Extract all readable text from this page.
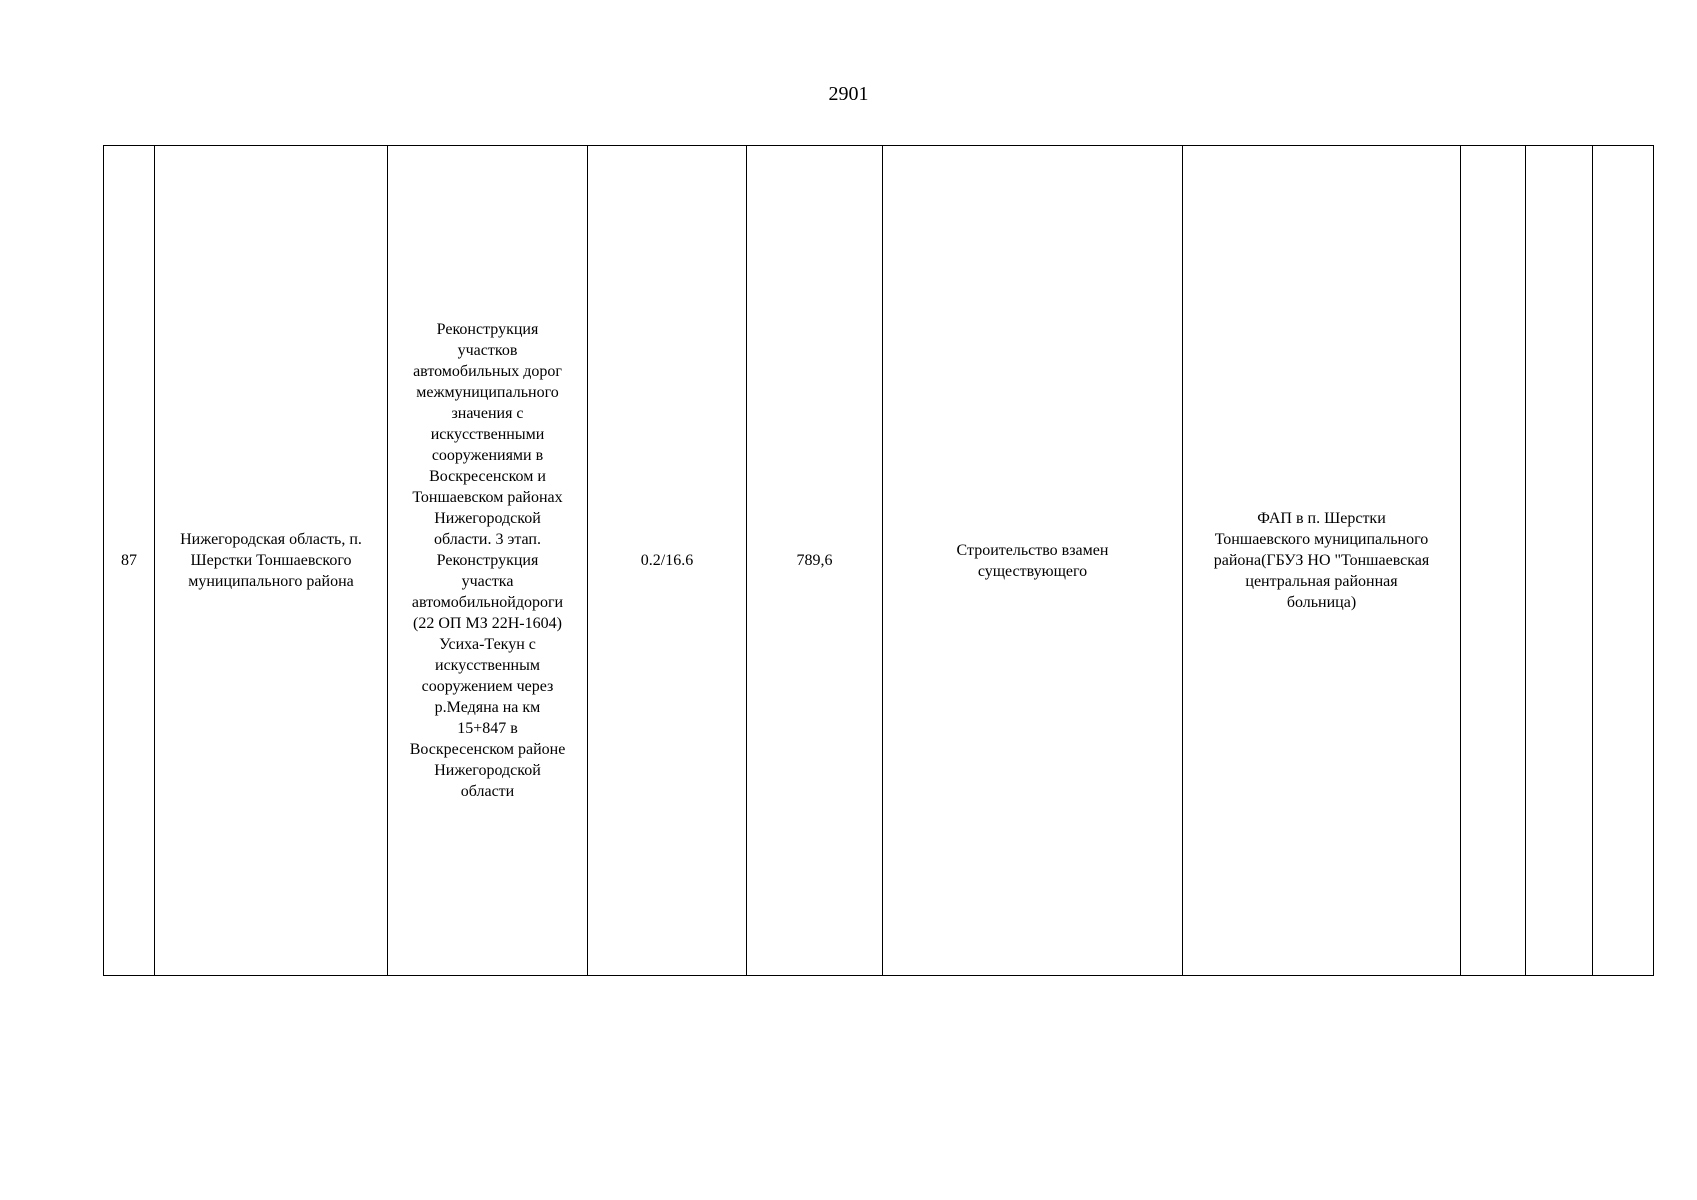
2901
87	Нижегородская область, п.
Шерстки Тоншаевского
муниципального района	Реконструкция
участков
автомобильных дорог
межмуниципального
значения с
искусственными
сооружениями в
Воскресенском и
Тоншаевском районах
Нижегородской
области. 3 этап.
Реконструкция
участка
автомобильнойдороги
(22 ОП МЗ 22Н-1604)
Усиха-Текун с
искусственным
сооружением через
р.Медяна на км
15+847 в
Воскресенском районе
Нижегородской
области	0.2/16.6	789,6	Строительство взамен
существующего	ФАП в п. Шерстки
Тоншаевского муниципального
района(ГБУЗ НО "Тоншаевская
центральная районная
больница)			
